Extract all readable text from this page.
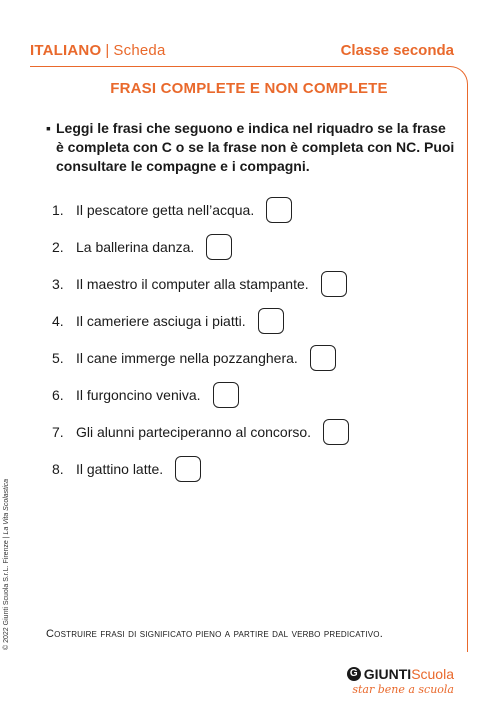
ITALIANO | Scheda	Classe seconda
FRASI COMPLETE E NON COMPLETE
▪ Leggi le frasi che seguono e indica nel riquadro se la frase è completa con C o se la frase non è completa con NC. Puoi consultare le compagne e i compagni.
1. Il pescatore getta nell’acqua.
2. La ballerina danza.
3. Il maestro il computer alla stampante.
4. Il cameriere asciuga i piatti.
5. Il cane immerge nella pozzanghera.
6. Il furgoncino veniva.
7. Gli alunni parteciperanno al concorso.
8. Il gattino latte.
Costruire frasi di significato pieno a partire dal verbo predicativo.
© 2022 Giunti Scuola S.r.L. Firenze | La Vita Scolastica
G GIUNTI Scuola
star bene a scuola
